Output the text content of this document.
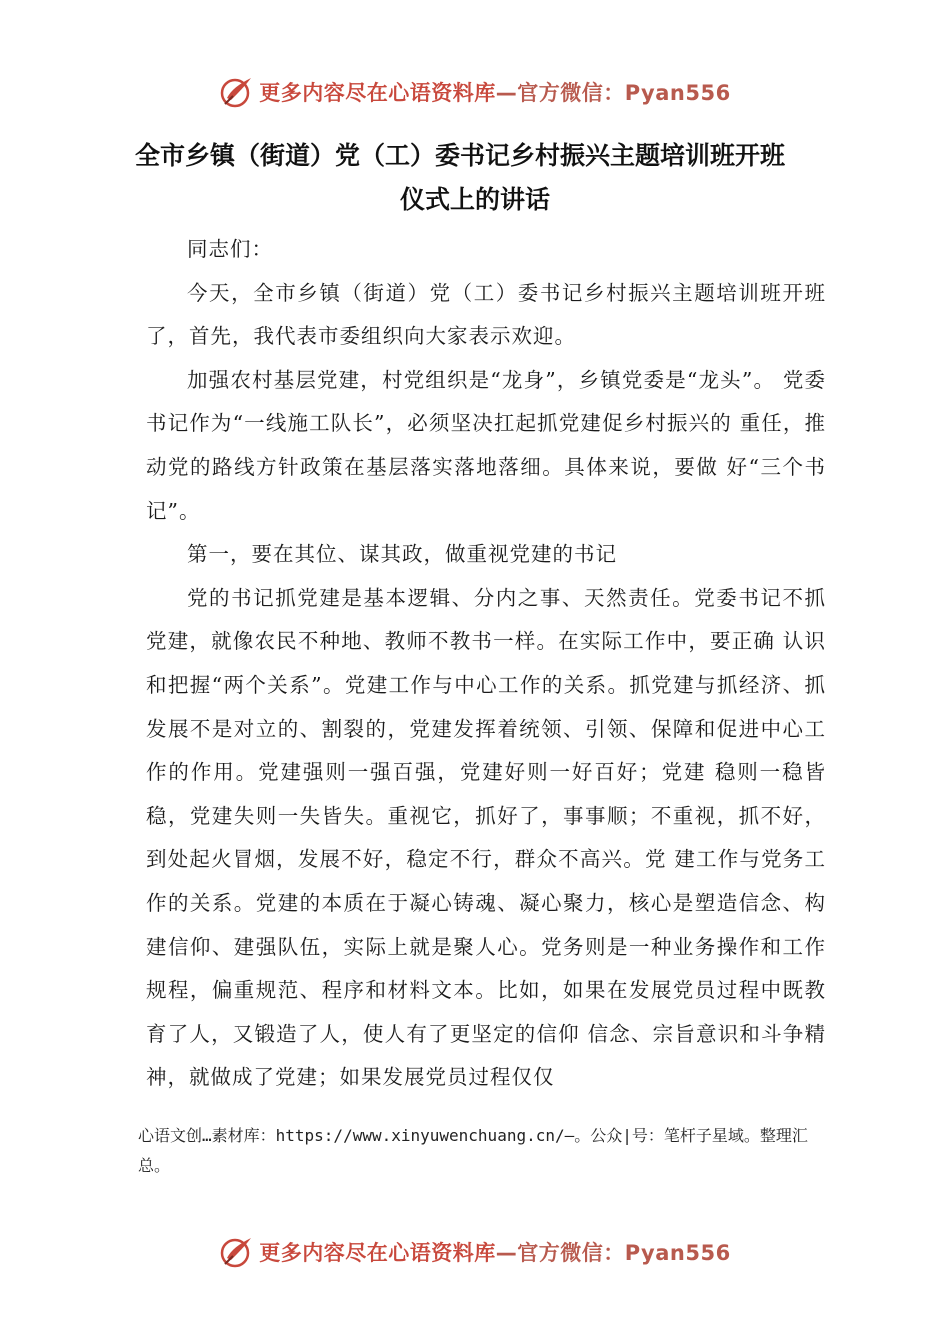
更多内容尽在心语资料库—官方微信：Pyan556
全市乡镇（街道）党（工）委书记乡村振兴主题培训班开班
仪式上的讲话

同志们：

今天，全市乡镇（街道）党（工）委书记乡村振兴主题培训班开班了，首先，我代表市委组织向大家表示欢迎。

加强农村基层党建，村党组织是“龙身”，乡镇党委是“龙头”。 党委书记作为“一线施工队长”，必须坚决扛起抓党建促乡村振兴的 重任，推动党的路线方针政策在基层落实落地落细。具体来说，要做 好“三个书记”。

第一，要在其位、谋其政，做重视党建的书记

党的书记抓党建是基本逻辑、分内之事、天然责任。党委书记不抓党建，就像农民不种地、教师不教书一样。在实际工作中，要正确 认识和把握“两个关系”。党建工作与中心工作的关系。抓党建与抓经济、抓发展不是对立的、割裂的，党建发挥着统领、引领、保障和促进中心工作的作用。党建强则一强百强，党建好则一好百好；党建 稳则一稳皆稳，党建失则一失皆失。重视它，抓好了，事事顺；不重视，抓不好，到处起火冒烟，发展不好，稳定不行，群众不高兴。党 建工作与党务工作的关系。党建的本质在于凝心铸魂、凝心聚力，核心是塑造信念、构建信仰、建强队伍，实际上就是聚人心。党务则是一种业务操作和工作规程，偏重规范、程序和材料文本。比如，如果在发展党员过程中既教育了人，又锻造了人，使人有了更坚定的信仰 信念、宗旨意识和斗争精神，就做成了党建；如果发展党员过程仅仅

心语文创…素材库：https://www.xinyuwenchuang.cn/—。公众|号：笔杆子星域。整理汇总。
更多内容尽在心语资料库—官方微信：Pyan556
